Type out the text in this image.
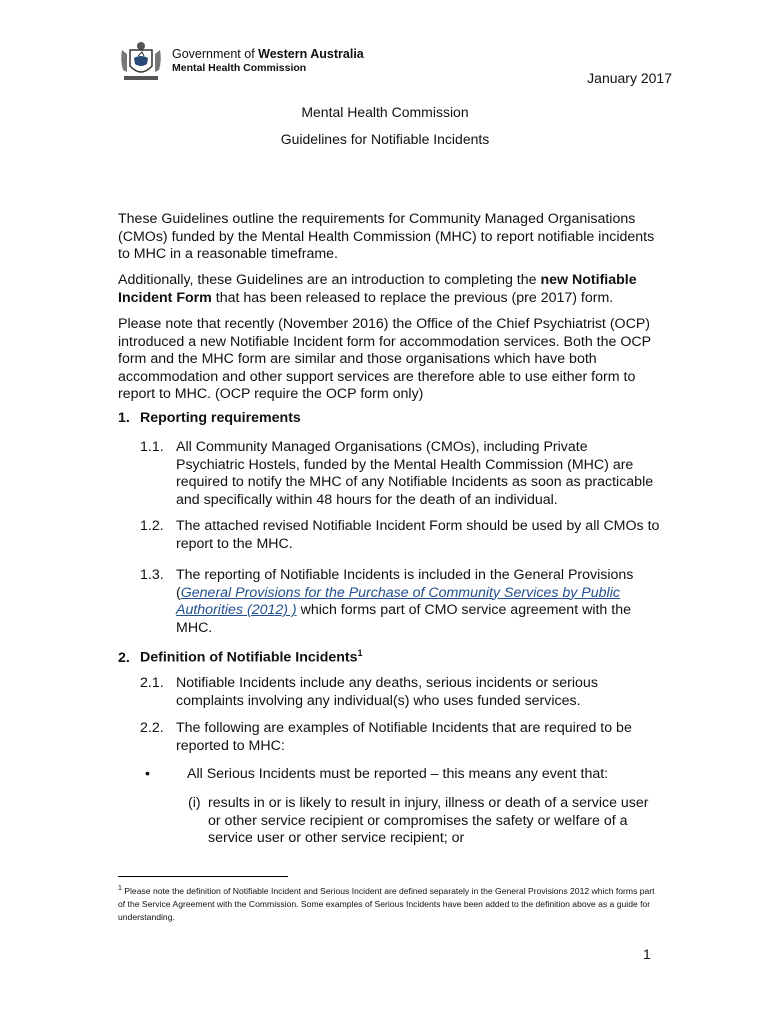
Government of Western Australia
Mental Health Commission
January 2017
Mental Health Commission
Guidelines for Notifiable Incidents
These Guidelines outline the requirements for Community Managed Organisations (CMOs) funded by the Mental Health Commission (MHC) to report notifiable incidents to MHC in a reasonable timeframe.
Additionally, these Guidelines are an introduction to completing the new Notifiable Incident Form that has been released to replace the previous (pre 2017) form.
Please note that recently (November 2016) the Office of the Chief Psychiatrist (OCP) introduced a new Notifiable Incident form for accommodation services. Both the OCP form and the MHC form are similar and those organisations which have both accommodation and other support services are therefore able to use either form to report to MHC. (OCP require the OCP form only)
1. Reporting requirements
1.1. All Community Managed Organisations (CMOs), including Private Psychiatric Hostels, funded by the Mental Health Commission (MHC) are required to notify the MHC of any Notifiable Incidents as soon as practicable and specifically within 48 hours for the death of an individual.
1.2. The attached revised Notifiable Incident Form should be used by all CMOs to report to the MHC.
1.3. The reporting of Notifiable Incidents is included in the General Provisions (General Provisions for the Purchase of Community Services by Public Authorities (2012) ) which forms part of CMO service agreement with the MHC.
2. Definition of Notifiable Incidents$^1$
2.1. Notifiable Incidents include any deaths, serious incidents or serious complaints involving any individual(s) who uses funded services.
2.2. The following are examples of Notifiable Incidents that are required to be reported to MHC:
•	All Serious Incidents must be reported – this means any event that:
(i) results in or is likely to result in injury, illness or death of a service user or other service recipient or compromises the safety or welfare of a service user or other service recipient; or
$^1$ Please note the definition of Notifiable Incident and Serious Incident are defined separately in the General Provisions 2012 which forms part of the Service Agreement with the Commission. Some examples of Serious Incidents have been added to the definition above as a guide for understanding.
1
